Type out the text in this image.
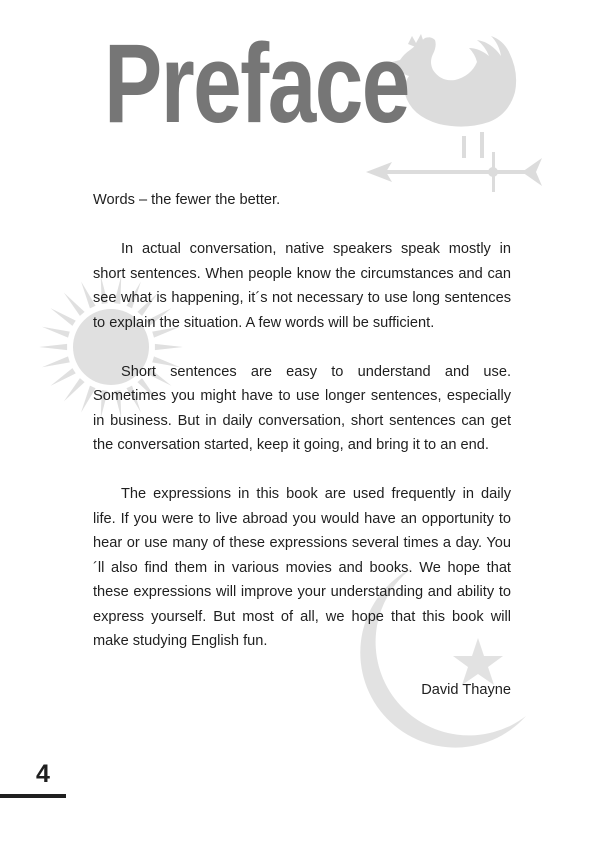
Preface

Words – the fewer the better.

In actual conversation, native speakers speak mostly in short sentences. When people know the circumstances and can see what is happening, it´s not necessary to use long sentences to explain the situation. A few words will be sufficient.

Short sentences are easy to understand and use. Sometimes you might have to use longer sentences, especially in business. But in daily conversation, short sentences can get the conversation started, keep it going, and bring it to an end.

The expressions in this book are used frequently in daily life. If you were to live abroad you would have an opportunity to hear or use many of these expressions several times a day. You´ll also find them in various movies and books. We hope that these expressions will improve your understanding and ability to express yourself. But most of all, we hope that this book will make studying English fun.

David Thayne

4
